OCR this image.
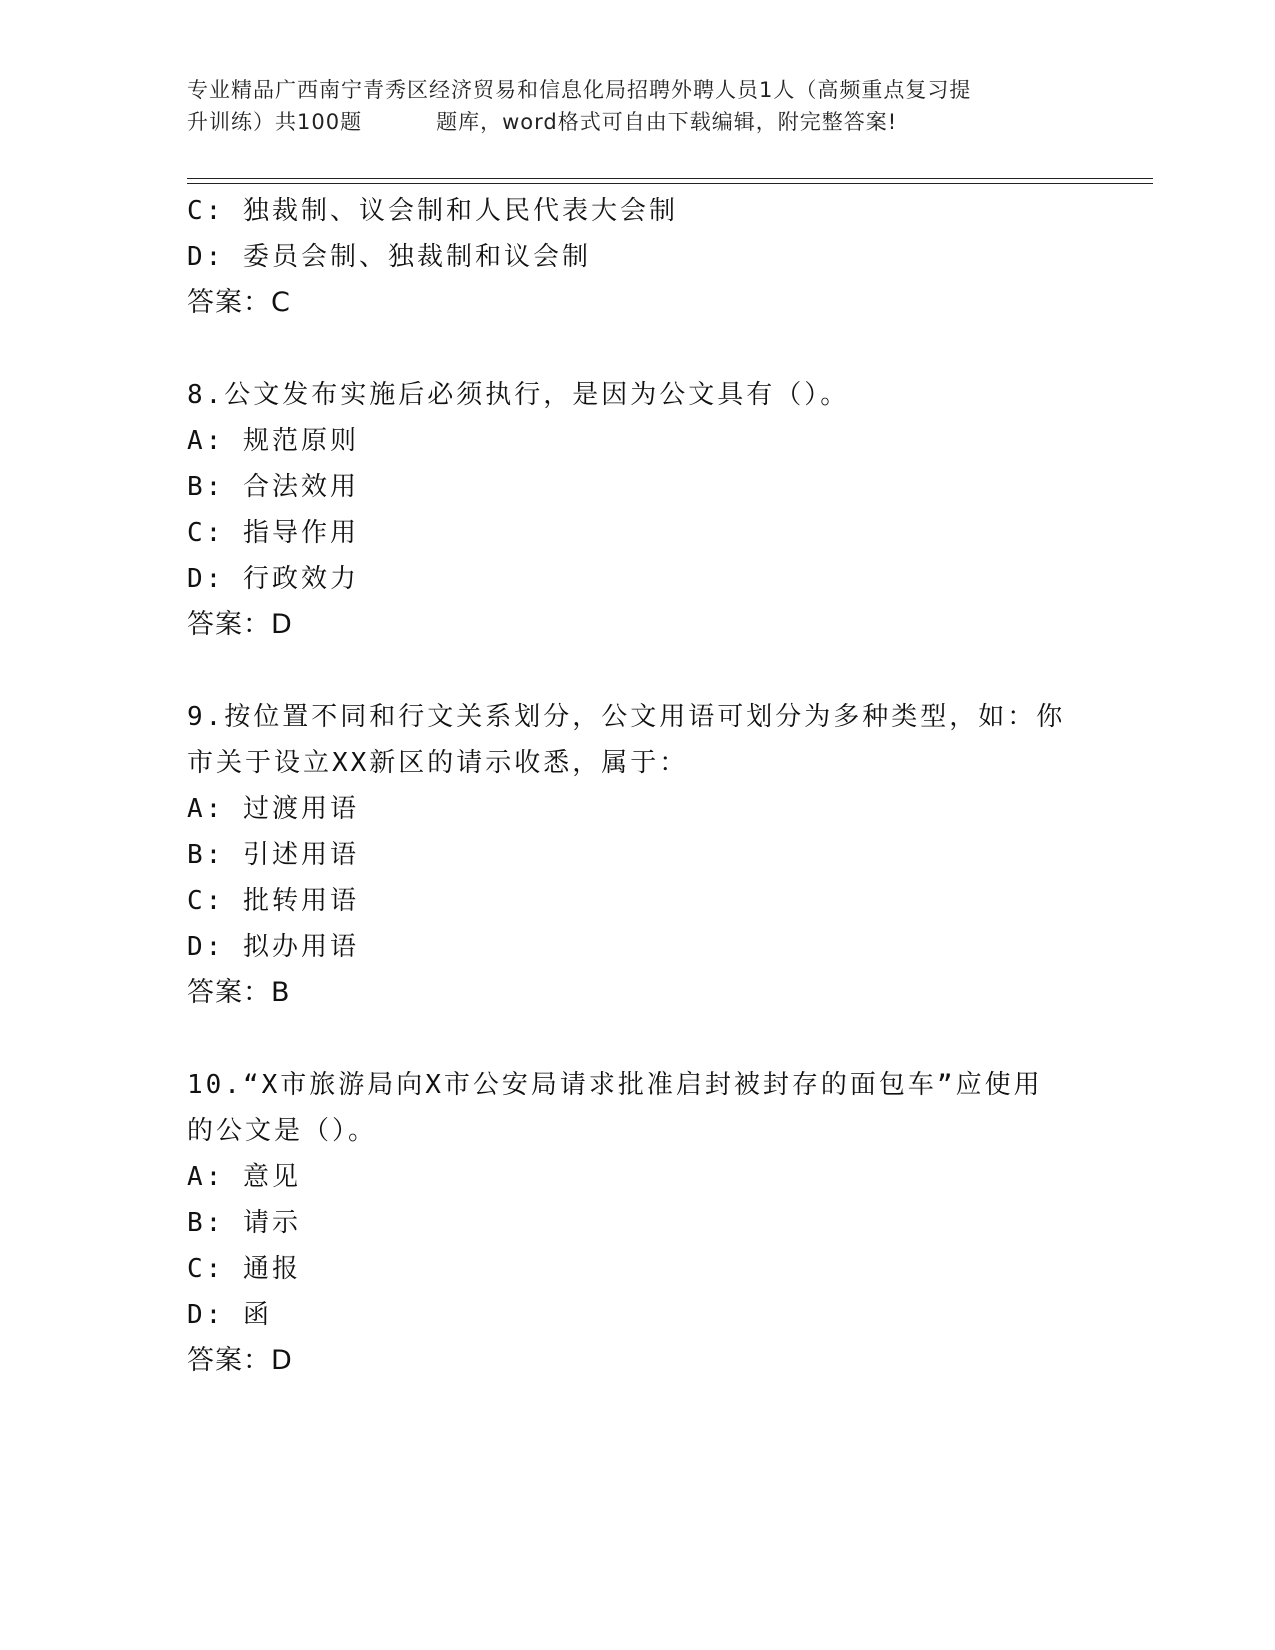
专业精品广西南宁青秀区经济贸易和信息化局招聘外聘人员1人（高频重点复习提
升训练）共100题	题库，word格式可自由下载编辑，附完整答案!
C: 独裁制、议会制和人民代表大会制
D: 委员会制、独裁制和议会制
答案：C
8.公文发布实施后必须执行，是因为公文具有（）。
A: 规范原则
B: 合法效用
C: 指导作用
D: 行政效力
答案：D
9.按位置不同和行文关系划分，公文用语可划分为多种类型，如：你
市关于设立XX新区的请示收悉，属于：
A: 过渡用语
B: 引述用语
C: 批转用语
D: 拟办用语
答案：B
10.“X市旅游局向X市公安局请求批准启封被封存的面包车”应使用
的公文是（）。
A: 意见
B: 请示
C: 通报
D: 函
答案：D
